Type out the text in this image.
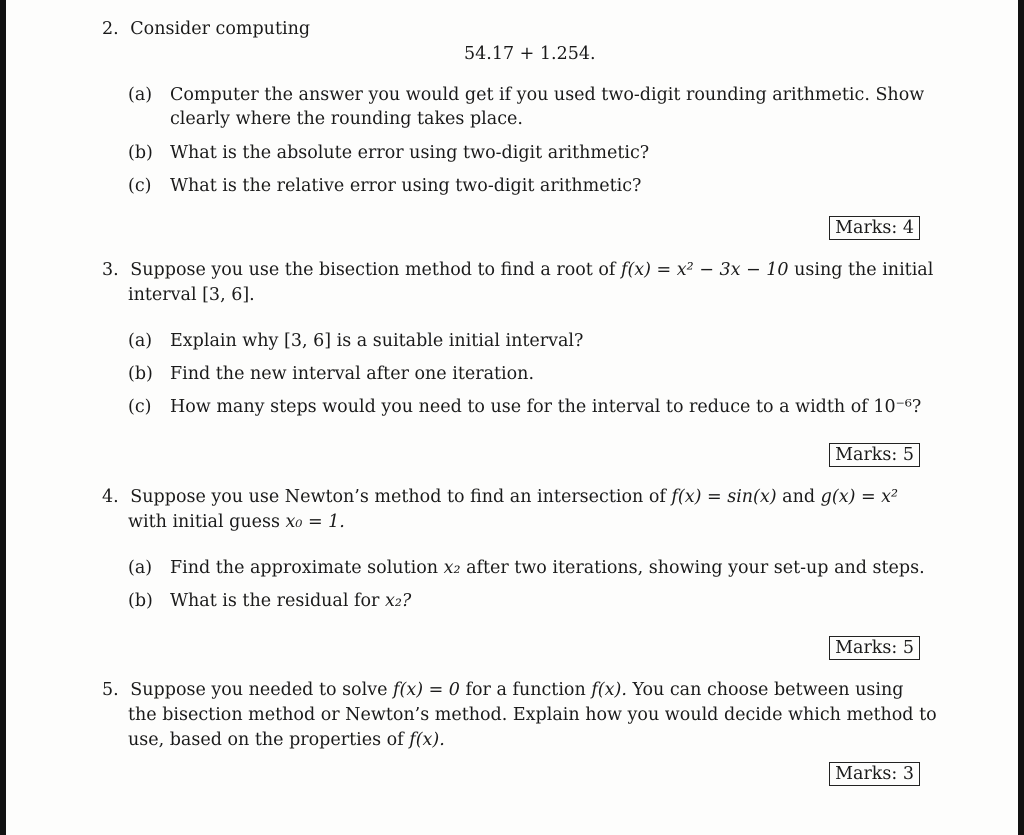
2. Consider computing
54.17 + 1.254.
(a) Computer the answer you would get if you used two-digit rounding arithmetic. Show
clearly where the rounding takes place.
(b) What is the absolute error using two-digit arithmetic?
(c) What is the relative error using two-digit arithmetic?
Marks: 4
3. Suppose you use the bisection method to find a root of f(x) = x² − 3x − 10 using the initial
interval [3, 6].
(a) Explain why [3, 6] is a suitable initial interval?
(b) Find the new interval after one iteration.
(c) How many steps would you need to use for the interval to reduce to a width of 10⁻⁶?
Marks: 5
4. Suppose you use Newton’s method to find an intersection of f(x) = sin(x) and g(x) = x²
with initial guess x₀ = 1.
(a) Find the approximate solution x₂ after two iterations, showing your set-up and steps.
(b) What is the residual for x₂?
Marks: 5
5. Suppose you needed to solve f(x) = 0 for a function f(x). You can choose between using
the bisection method or Newton’s method. Explain how you would decide which method to
use, based on the properties of f(x).
Marks: 3
